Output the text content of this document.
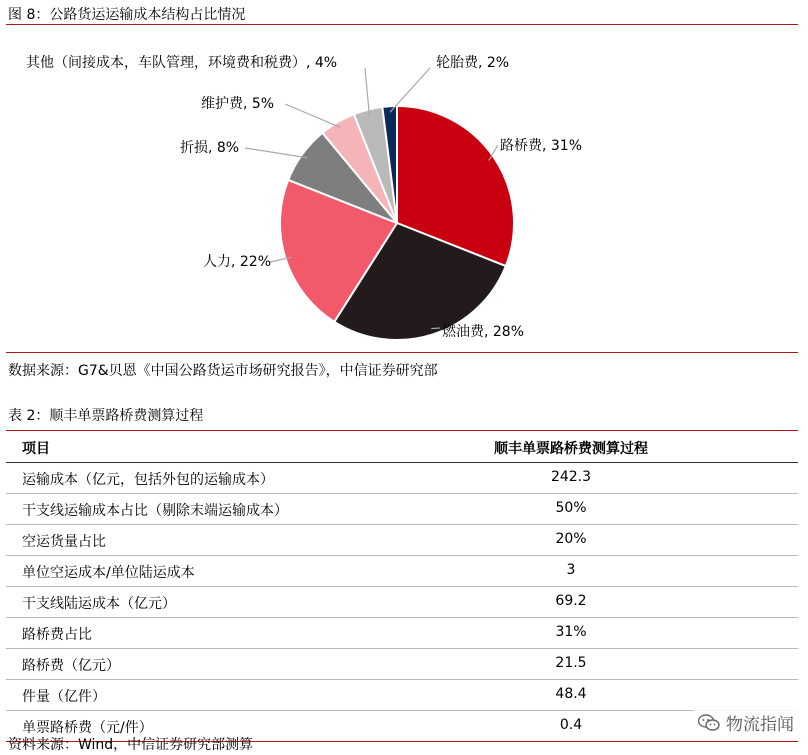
图 8：公路货运运输成本结构占比情况
路桥费, 31%
燃油费, 28%
人力, 22%
折损, 8%
维护费, 5%
其他（间接成本，车队管理，环境费和税费）, 4%	轮胎费, 2%
数据来源：G7&贝恩《中国公路货运市场研究报告》，中信证券研究部
表 2：顺丰单票路桥费测算过程
项目	顺丰单票路桥费测算过程
运输成本（亿元，包括外包的运输成本）	242.3
干支线运输成本占比（剔除末端运输成本）	50%
空运货量占比	20%
单位空运成本/单位陆运成本	3
干支线陆运成本（亿元）	69.2
路桥费占比	31%
路桥费（亿元）	21.5
件量（亿件）	48.4
单票路桥费（元/件）	0.4
资料来源：Wind，中信证券研究部测算
物流指闻
